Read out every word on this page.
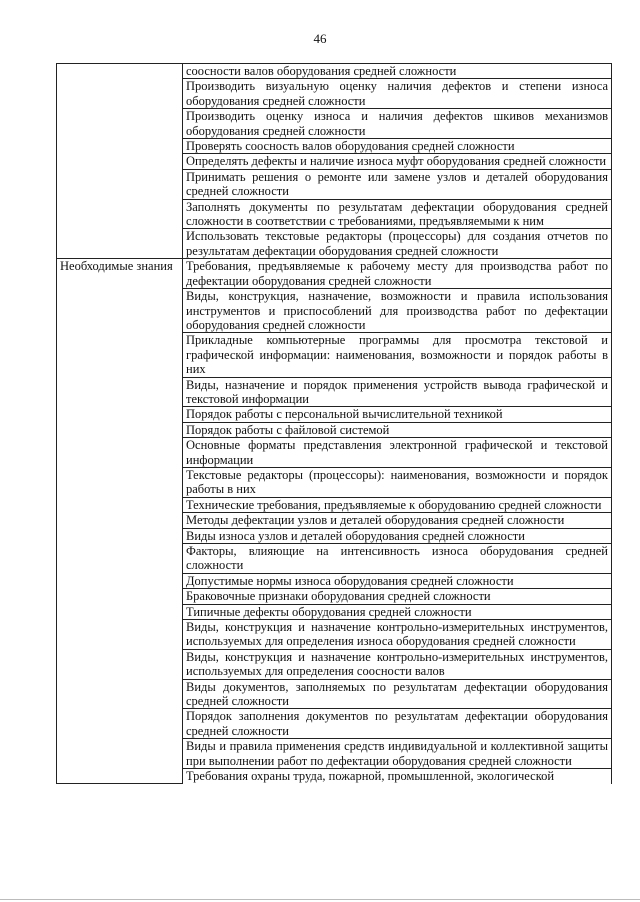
46
	соосности валов оборудования средней сложности
	Производить визуальную оценку наличия дефектов и степени износа оборудования средней сложности
	Производить оценку износа и наличия дефектов шкивов механизмов оборудования средней сложности
	Проверять соосность валов оборудования средней сложности
	Определять дефекты и наличие износа муфт оборудования средней сложности
	Принимать решения о ремонте или замене узлов и деталей оборудования средней сложности
	Заполнять документы по результатам дефектации оборудования средней сложности в соответствии с требованиями, предъявляемыми к ним
	Использовать текстовые редакторы (процессоры) для создания отчетов по результатам дефектации оборудования средней сложности
Необходимые знания	Требования, предъявляемые к рабочему месту для производства работ по дефектации оборудования средней сложности
	Виды, конструкция, назначение, возможности и правила использования инструментов и приспособлений для производства работ по дефектации оборудования средней сложности
	Прикладные компьютерные программы для просмотра текстовой и графической информации: наименования, возможности и порядок работы в них
	Виды, назначение и порядок применения устройств вывода графической и текстовой информации
	Порядок работы с персональной вычислительной техникой
	Порядок работы с файловой системой
	Основные форматы представления электронной графической и текстовой информации
	Текстовые редакторы (процессоры): наименования, возможности и порядок работы в них
	Технические требования, предъявляемые к оборудованию средней сложности
	Методы дефектации узлов и деталей оборудования средней сложности
	Виды износа узлов и деталей оборудования средней сложности
	Факторы, влияющие на интенсивность износа оборудования средней сложности
	Допустимые нормы износа оборудования средней сложности
	Браковочные признаки оборудования средней сложности
	Типичные дефекты оборудования средней сложности
	Виды, конструкция и назначение контрольно-измерительных инструментов, используемых для определения износа оборудования средней сложности
	Виды, конструкция и назначение контрольно-измерительных инструментов, используемых для определения соосности валов
	Виды документов, заполняемых по результатам дефектации оборудования средней сложности
	Порядок заполнения документов по результатам дефектации оборудования средней сложности
	Виды и правила применения средств индивидуальной и коллективной защиты при выполнении работ по дефектации оборудования средней сложности
	Требования охраны труда, пожарной, промышленной, экологической
